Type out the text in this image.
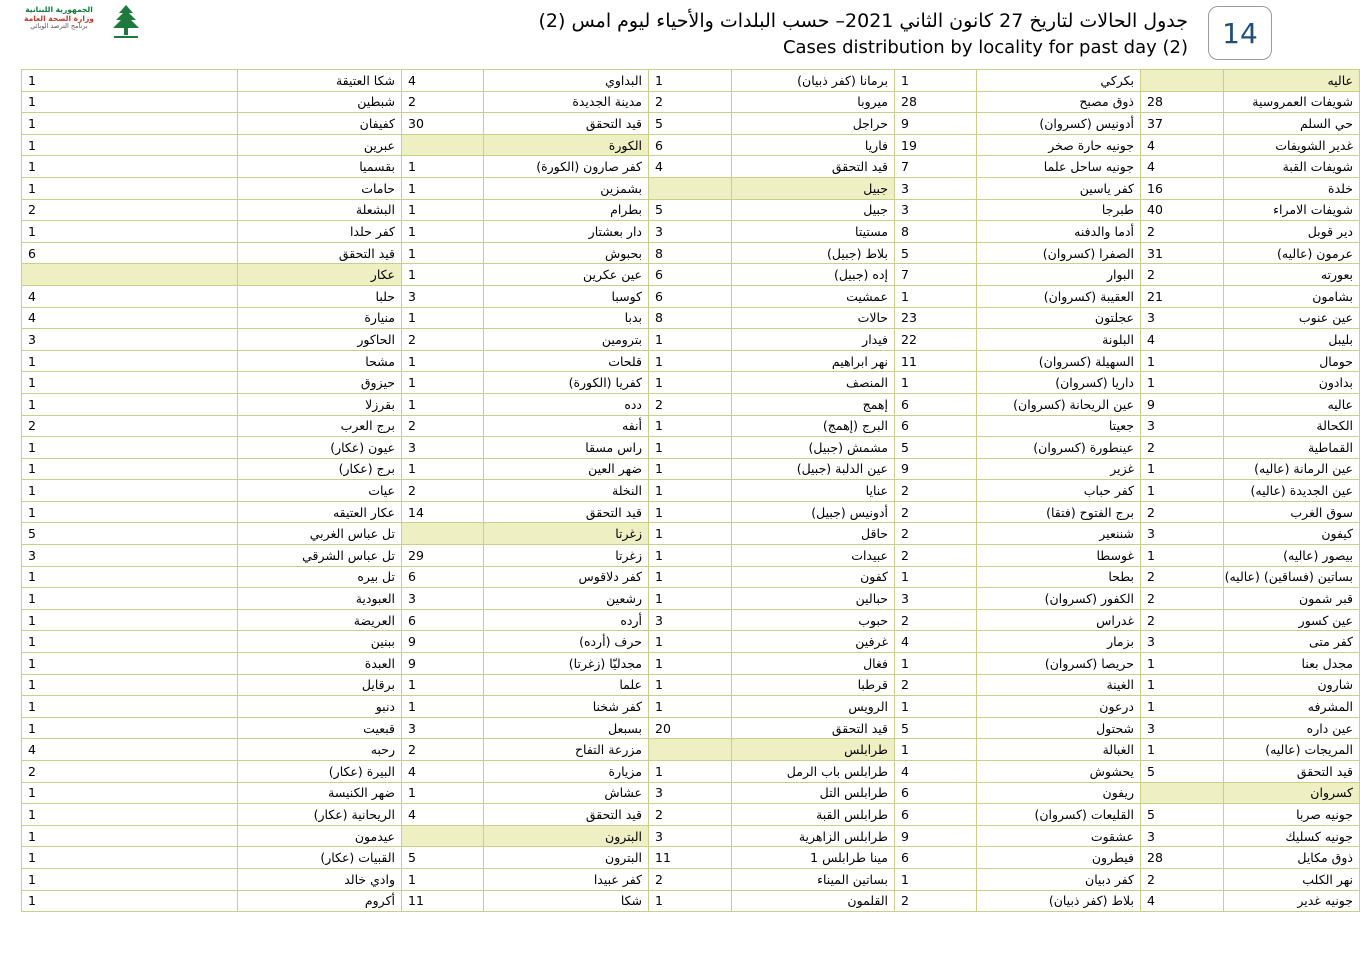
الجمهورية اللبنانية
وزارة الصحة العامة
برنامج الترصد الوبائي	جدول الحالات لتاريخ 27 كانون الثاني 2021– حسب البلدات والأحياء ليوم امس (2)
Cases distribution by locality for past day (2)	14
عاليه		بكركي	1	برمانا (كفر ذبيان)	1	البداوي	4	شكا العتيقة	1
شويفات العمروسية	28	ذوق مصبح	28	ميروبا	2	مدينة الجديدة	2	شبطين	1
حي السلم	37	أدونيس (كسروان)	9	حراجل	5	قيد التحقق	30	كفيفان	1
غدير الشويفات	4	جونيه حارة صخر	19	فاريا	6	الكورة		عبرين	1
شويفات القبة	4	جونيه ساحل علما	7	قيد التحقق	4	كفر صارون (الكورة)	1	بقسميا	1
خلدة	16	كفر ياسين	3	جبيل		بشمزين	1	حامات	1
شويفات الامراء	40	طبرجا	3	جبيل	5	بطرام	1	البشعلة	2
دير قوبل	2	أدما والدفنه	8	مستيتا	3	دار بعشتار	1	كفر حلدا	1
عرمون (عاليه)	31	الصفرا (كسروان)	5	بلاط (جبيل)	8	بحبوش	1	قيد التحقق	6
بعورته	2	البوار	7	إده (جبيل)	6	عين عكرين	1	عكار	
بشامون	21	العقيبة (كسروان)	1	عمشيت	6	كوسبا	3	حلبا	4
عين عنوب	3	عجلتون	23	حالات	8	بدبا	1	منيارة	4
بليبل	4	البلونة	22	فيدار	1	بترومين	2	الحاكور	3
حومال	1	السهيلة (كسروان)	11	نهر ابراهيم	1	قلحات	1	مشحا	1
بدادون	1	داريا (كسروان)	1	المنصف	1	كفريا (الكورة)	1	حيزوق	1
عاليه	9	عين الريحانة (كسروان)	6	إهمج	2	دده	1	بقرزلا	1
الكحالة	3	جعيتا	6	البرج (إهمج)	1	أنفه	2	برج العرب	2
القماطية	2	عينطورة (كسروان)	5	مشمش (جبيل)	1	راس مسقا	3	عيون (عكار)	1
عين الرمانة (عاليه)	1	غزير	9	عين الدلبة (جبيل)	1	ضهر العين	1	برج (عكار)	1
عين الجديدة (عاليه)	1	كفر حباب	2	عنايا	1	النخلة	2	عيات	1
سوق الغرب	2	برج الفتوح (فتقا)	2	أدونيس (جبيل)	1	قيد التحقق	14	عكار العتيقه	1
كيفون	3	شننعير	2	حاقل	1	زغرتا		تل عباس الغربي	5
بيصور (عاليه)	1	غوسطا	2	عبيدات	1	زغرتا	29	تل عباس الشرقي	3
بساتين (فساقين) (عاليه)	2	بطحا	1	كفون	1	كفر دلاقوس	6	تل بيره	1
قبر شمون	2	الكفور (كسروان)	3	حبالين	1	رشعين	3	العبودية	1
عين كسور	2	غدراس	2	حبوب	3	أرده	6	العريضة	1
كفر متى	3	بزمار	4	غرفين	1	حرف (أرده)	9	ببنين	1
مجدل بعنا	1	حريصا (كسروان)	1	فغال	1	مجدليّا (زغرتا)	9	العبدة	1
شارون	1	الغينة	2	قرطبا	1	علما	1	برقايل	1
المشرفه	1	درعون	1	الرويس	1	كفر شخنا	1	دنبو	1
عين داره	3	شحتول	5	قيد التحقق	20	بسبعل	3	قبعيت	1
المريجات (عاليه)	1	الغبالة	1	طرابلس		مزرعة التفاح	2	رحبه	4
قيد التحقق	5	يحشوش	4	طرابلس باب الرمل	1	مزيارة	4	البيرة (عكار)	2
كسروان		ريفون	6	طرابلس التل	3	عشاش	1	ضهر الكنيسة	1
جونيه صربا	5	القليعات (كسروان)	6	طرابلس القبة	2	قيد التحقق	4	الريحانية (عكار)	1
جونيه كسليك	3	عشقوت	9	طرابلس الزاهرية	3	البترون		عيدمون	1
ذوق مكايل	28	فيطرون	6	مينا طرابلس 1	11	البترون	5	القبيات (عكار)	1
نهر الكلب	2	كفر دبيان	1	بساتين الميناء	2	كفر عبيدا	1	وادي خالد	1
جونيه غدير	4	بلاط (كفر ذبيان)	2	القلمون	1	شكا	11	أكروم	1
